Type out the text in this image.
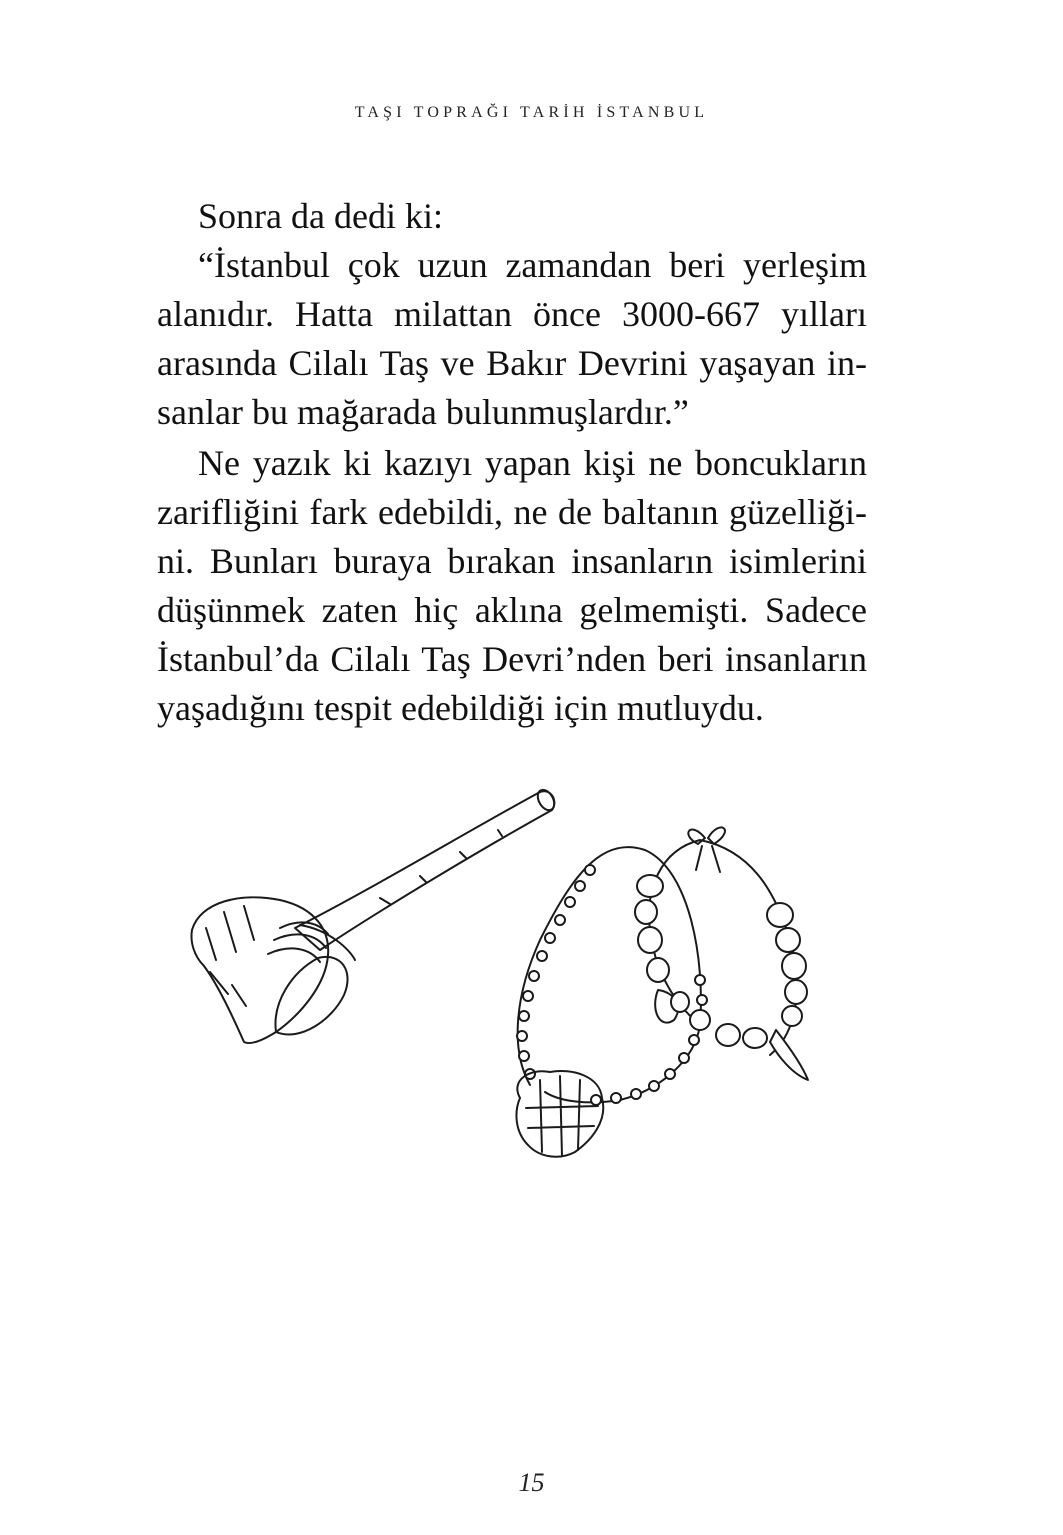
TAŞI TOPRAĞI TARİH İSTANBUL
Sonra da dedi ki:
“İstanbul çok uzun zamandan beri yerleşim
alanıdır. Hatta milattan önce 3000-667 yılları
arasında Cilalı Taş ve Bakır Devrini yaşayan in-
sanlar bu mağarada bulunmuşlardır.”
Ne yazık ki kazıyı yapan kişi ne boncukların
zarifliğini fark edebildi, ne de baltanın güzelliği-
ni. Bunları buraya bırakan insanların isimlerini
düşünmek zaten hiç aklına gelmemişti. Sadece
İstanbul’da Cilalı Taş Devri’nden beri insanların
yaşadığını tespit edebildiği için mutluydu.
15
